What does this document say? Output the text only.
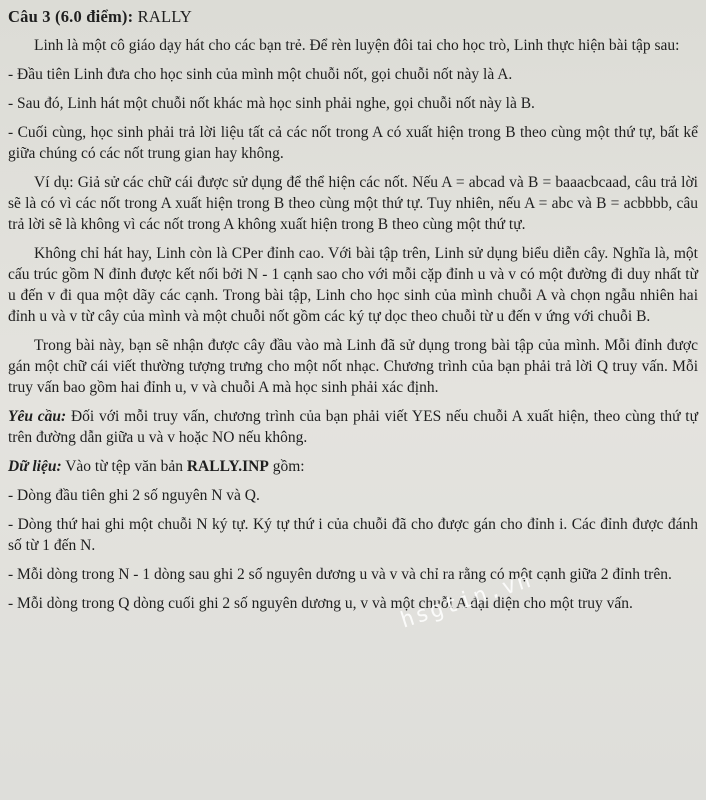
Câu 3 (6.0 điểm): RALLY

Linh là một cô giáo dạy hát cho các bạn trẻ. Để rèn luyện đôi tai cho học trò, Linh thực hiện bài tập sau:

- Đầu tiên Linh đưa cho học sinh của mình một chuỗi nốt, gọi chuỗi nốt này là A.

- Sau đó, Linh hát một chuỗi nốt khác mà học sinh phải nghe, gọi chuỗi nốt này là B.

- Cuối cùng, học sinh phải trả lời liệu tất cả các nốt trong A có xuất hiện trong B theo cùng một thứ tự, bất kể giữa chúng có các nốt trung gian hay không.

Ví dụ: Giả sử các chữ cái được sử dụng để thể hiện các nốt. Nếu A = abcad và B = baaacbcaad, câu trả lời sẽ là có vì các nốt trong A xuất hiện trong B theo cùng một thứ tự. Tuy nhiên, nếu A = abc và B = acbbbb, câu trả lời sẽ là không vì các nốt trong A không xuất hiện trong B theo cùng một thứ tự.

Không chỉ hát hay, Linh còn là CPer đỉnh cao. Với bài tập trên, Linh sử dụng biểu diễn cây. Nghĩa là, một cấu trúc gồm N đỉnh được kết nối bởi N - 1 cạnh sao cho với mỗi cặp đỉnh u và v có một đường đi duy nhất từ u đến v đi qua một dãy các cạnh. Trong bài tập, Linh cho học sinh của mình chuỗi A và chọn ngẫu nhiên hai đỉnh u và v từ cây của mình và một chuỗi nốt gồm các ký tự dọc theo chuỗi từ u đến v ứng với chuỗi B.

Trong bài này, bạn sẽ nhận được cây đầu vào mà Linh đã sử dụng trong bài tập của mình. Mỗi đỉnh được gán một chữ cái viết thường tượng trưng cho một nốt nhạc. Chương trình của bạn phải trả lời Q truy vấn. Mỗi truy vấn bao gồm hai đỉnh u, v và chuỗi A mà học sinh phải xác định.

Yêu cầu: Đối với mỗi truy vấn, chương trình của bạn phải viết YES nếu chuỗi A xuất hiện, theo cùng thứ tự trên đường dẫn giữa u và v hoặc NO nếu không.

Dữ liệu: Vào từ tệp văn bản RALLY.INP gồm:

- Dòng đầu tiên ghi 2 số nguyên N và Q.

- Dòng thứ hai ghi một chuỗi N ký tự. Ký tự thứ i của chuỗi đã cho được gán cho đỉnh i. Các đỉnh được đánh số từ 1 đến N.

- Mỗi dòng trong N - 1 dòng sau ghi 2 số nguyên dương u và v và chỉ ra rằng có một cạnh giữa 2 đỉnh trên.

- Mỗi dòng trong Q dòng cuối ghi 2 số nguyên dương u, v và một chuỗi A đại diện cho một truy vấn.

hsgtin.vn
